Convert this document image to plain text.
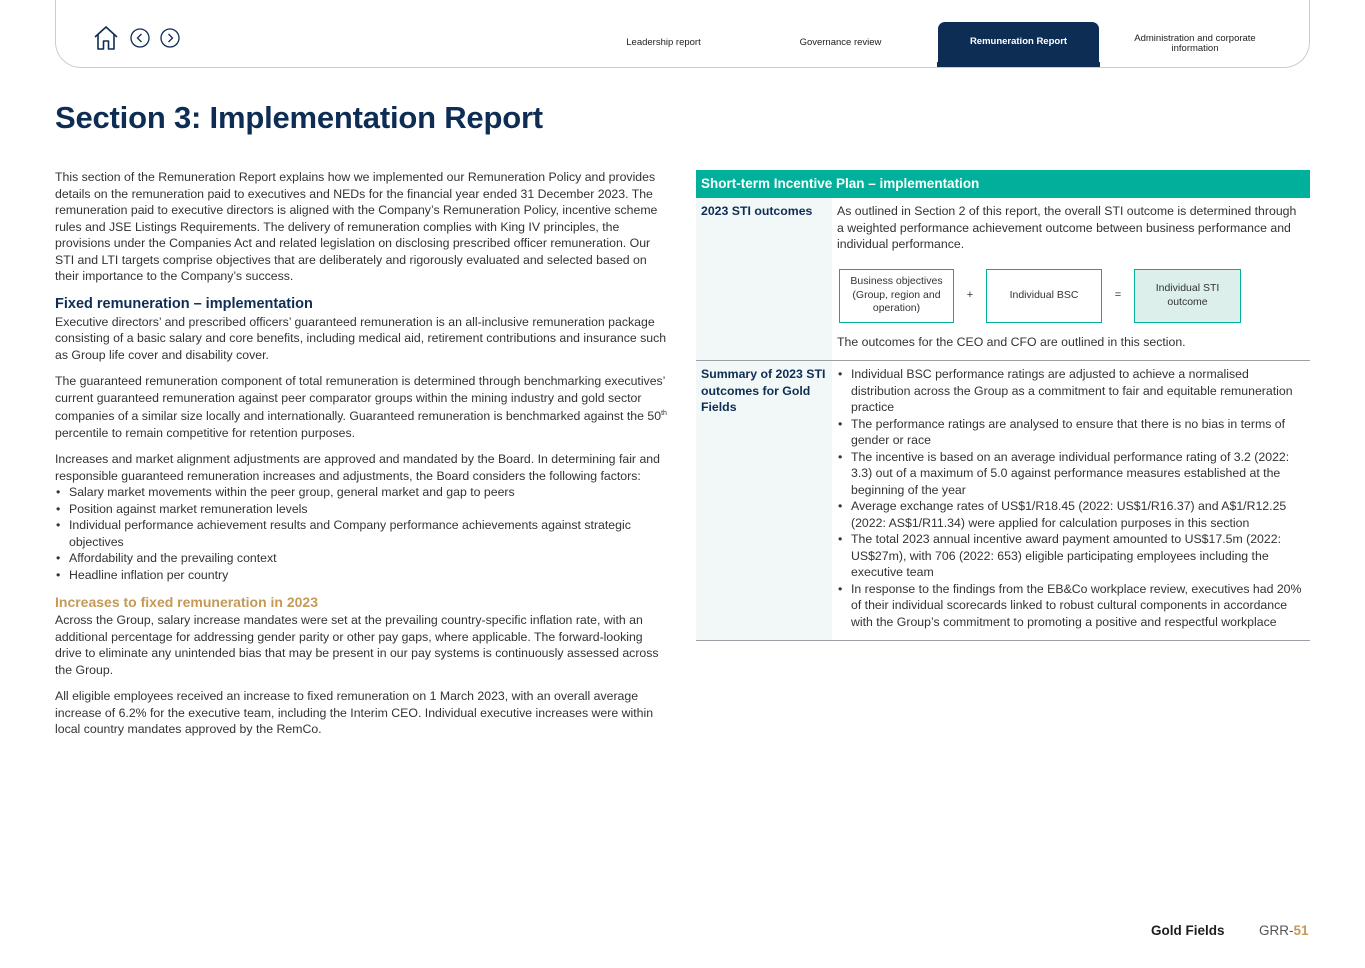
Leadership report	Governance review	Remuneration Report	Administration and corporate information
Section 3: Implementation Report

This section of the Remuneration Report explains how we implemented our Remuneration Policy and provides details on the remuneration paid to executives and NEDs for the financial year ended 31 December 2023. The remuneration paid to executive directors is aligned with the Company’s Remuneration Policy, incentive scheme rules and JSE Listings Requirements. The delivery of remuneration complies with King IV principles, the provisions under the Companies Act and related legislation on disclosing prescribed officer remuneration. Our STI and LTI targets comprise objectives that are deliberately and rigorously evaluated and selected based on their importance to the Company’s success.

Fixed remuneration – implementation

Executive directors’ and prescribed officers’ guaranteed remuneration is an all-inclusive remuneration package consisting of a basic salary and core benefits, including medical aid, retirement contributions and insurance such as Group life cover and disability cover.

The guaranteed remuneration component of total remuneration is determined through benchmarking executives’ current guaranteed remuneration against peer comparator groups within the mining industry and gold sector companies of a similar size locally and internationally. Guaranteed remuneration is benchmarked against the 50th percentile to remain competitive for retention purposes.

Increases and market alignment adjustments are approved and mandated by the Board. In determining fair and responsible guaranteed remuneration increases and adjustments, the Board considers the following factors:

• Salary market movements within the peer group, general market and gap to peers
• Position against market remuneration levels
• Individual performance achievement results and Company performance achievements against strategic objectives
• Affordability and the prevailing context
• Headline inflation per country
Increases to fixed remuneration in 2023

Across the Group, salary increase mandates were set at the prevailing country-specific inflation rate, with an additional percentage for addressing gender parity or other pay gaps, where applicable. The forward-looking drive to eliminate any unintended bias that may be present in our pay systems is continuously assessed across the Group.

All eligible employees received an increase to fixed remuneration on 1 March 2023, with an overall average increase of 6.2% for the executive team, including the Interim CEO. Individual executive increases were within local country mandates approved by the RemCo.

Short-term Incentive Plan – implementation
2023 STI outcomes	As outlined in Section 2 of this report, the overall STI outcome is determined through a weighted performance achievement outcome between business performance and individual performance.
Business objectives (Group, region and operation)
+	Individual BSC	=
Individual STI outcome
The outcomes for the CEO and CFO are outlined in this section.
Summary of 2023 STI outcomes for Gold Fields
• Individual BSC performance ratings are adjusted to achieve a normalised distribution across the Group as a commitment to fair and equitable remuneration practice
• The performance ratings are analysed to ensure that there is no bias in terms of gender or race
• The incentive is based on an average individual performance rating of 3.2 (2022: 3.3) out of a maximum of 5.0 against performance measures established at the beginning of the year
• Average exchange rates of US$1/R18.45 (2022: US$1/R16.37) and A$1/R12.25 (2022: AS$1/R11.34) were applied for calculation purposes in this section
• The total 2023 annual incentive award payment amounted to US$17.5m (2022: US$27m), with 706 (2022: 653) eligible participating employees including the executive team
• In response to the findings from the EB&Co workplace review, executives had 20% of their individual scorecards linked to robust cultural components in accordance with the Group’s commitment to promoting a positive and respectful workplace
Gold Fields	GRR-51
